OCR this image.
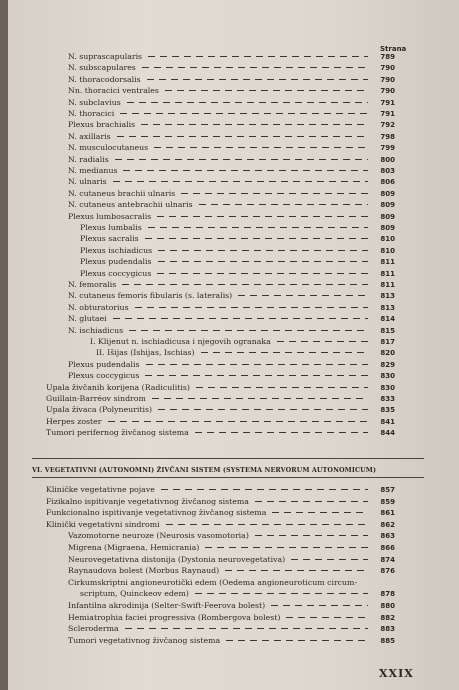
Strana
N. suprascapularis	789
N. subscapulares	790
N. thoracodorsalis	790
Nn. thoracici ventrales	790
N. subclavius	791
N. thoracici	791
Plexus brachialis	792
N. axillaris	798
N. musculocutaneus	799
N. radialis	800
N. medianus	803
N. ulnaris	806
N. cutaneus brachii ulnaris	809
N. cutaneus antebrachii ulnaris	809
Plexus lumbosacralis	809
Plexus lumbalis	809
Plexus sacralis	810
Plexus ischiadicus	810
Plexus pudendalis	811
Plexus coccygicus	811
N. femoralis	811
N. cutaneus femoris fibularis (s. lateralis)	813
N. obturatorius	813
N. glutaei	814
N. ischiadicus	815
I. Klijenut n. ischiadicusa i njegovih ogranaka	817
II. Išijas (Ishijas, Ischias)	820
Plexus pudendalis	829
Plexus coccygicus	830
Upala živčanih korijena (Radiculitis)	830
Guillain-Barréov sindrom	833
Upala živaca (Polyneuritis)	835
Herpes zoster	841
Tumori perifernog živčanog sistema	844
VI. VEGETATIVNI (AUTONOMNI) ŽIVČANI SISTEM (SYSTEMA NERVORUM AUTONOMICUM)
Kliničke vegetativne pojave	857
Fizikalno ispitivanje vegetativnog živčanog sistema	859
Funkcionalno ispitivanje vegetativnog živčanog sistema	861
Klinički vegetativni sindromi	862
Vazomotorne neuroze (Neurosis vasomotoria)	863
Migrena (Migraena, Hemicrania)	866
Neurovegetativna distonija (Dystonia neurovegetativa)	874
Raynaudova bolest (Morbus Raynaud)	876
Cirkumskriptni angioneurotički edem (Oedema angioneuroticum circum-
scriptum, Quinckeov edem)	878
Infantilna akrodinija (Selter-Swift-Feerova bolest)	880
Hemiatrophia faciei progressiva (Rombergova bolest)	882
Scleroderma	883
Tumori vegetativnog živčanog sistema	885
XXIX
